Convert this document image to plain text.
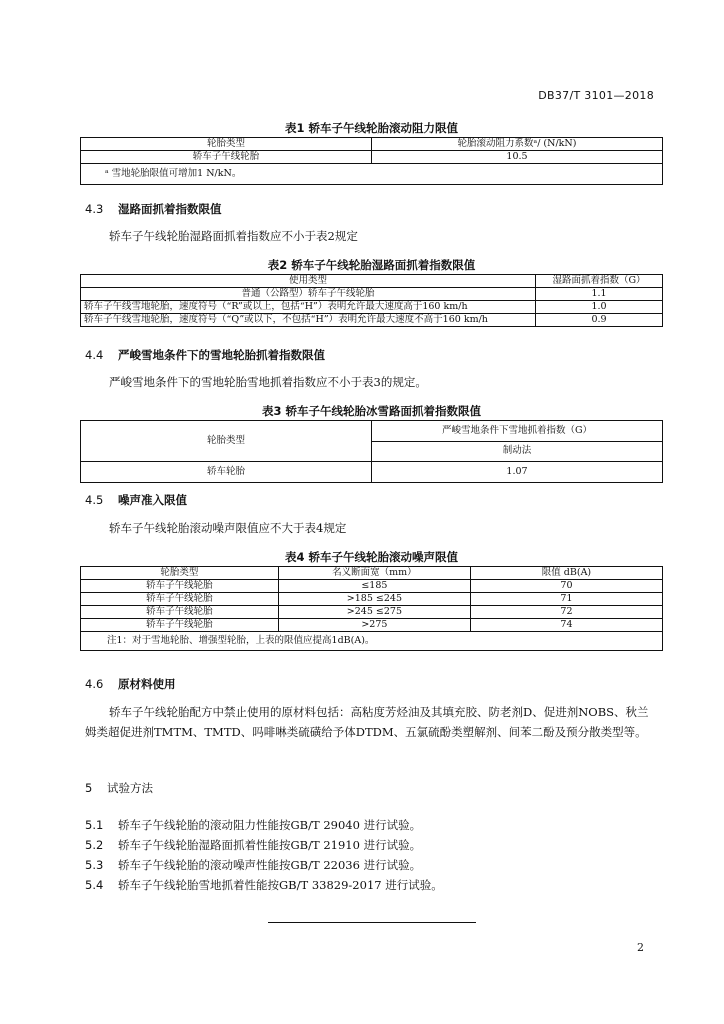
DB37/T 3101—2018
表1 轿车子午线轮胎滚动阻力限值
轮胎类型	轮胎滚动阻力系数ᵃ/ (N/kN)
轿车子午线轮胎	10.5
ᵃ 雪地轮胎限值可增加1 N/kN。	
4.3 湿路面抓着指数限值
轿车子午线轮胎湿路面抓着指数应不小于表2规定
表2 轿车子午线轮胎湿路面抓着指数限值
使用类型	湿路面抓着指数（G）
普通（公路型）轿车子午线轮胎	1.1
轿车子午线雪地轮胎，速度符号（“R”或以上，包括“H”）表明允许最大速度高于160 km/h	1.0
轿车子午线雪地轮胎，速度符号（“Q”或以下，不包括“H”）表明允许最大速度不高于160 km/h	0.9
4.4 严峻雪地条件下的雪地轮胎抓着指数限值
严峻雪地条件下的雪地轮胎雪地抓着指数应不小于表3的规定。
表3 轿车子午线轮胎冰雪路面抓着指数限值
轮胎类型	严峻雪地条件下雪地抓着指数（G）
	制动法
轿车轮胎	1.07
4.5 噪声准入限值
轿车子午线轮胎滚动噪声限值应不大于表4规定
表4 轿车子午线轮胎滚动噪声限值
轮胎类型	名义断面宽（mm）	限值 dB(A)
轿车子午线轮胎	≤185	70
轿车子午线轮胎	>185 ≤245	71
轿车子午线轮胎	>245 ≤275	72
轿车子午线轮胎	>275	74
注1：对于雪地轮胎、增强型轮胎，上表的限值应提高1dB(A)。		
4.6 原材料使用
轿车子午线轮胎配方中禁止使用的原材料包括：高粘度芳烃油及其填充胶、防老剂D、促进剂NOBS、秋兰姆类超促进剂TMTM、TMTD、吗啡啉类硫磺给予体DTDM、五氯硫酚类塑解剂、间苯二酚及预分散类型等。
5 试验方法
5.1 轿车子午线轮胎的滚动阻力性能按GB/T 29040 进行试验。
5.2 轿车子午线轮胎湿路面抓着性能按GB/T 21910 进行试验。
5.3 轿车子午线轮胎的滚动噪声性能按GB/T 22036 进行试验。
5.4 轿车子午线轮胎雪地抓着性能按GB/T 33829-2017 进行试验。
2
